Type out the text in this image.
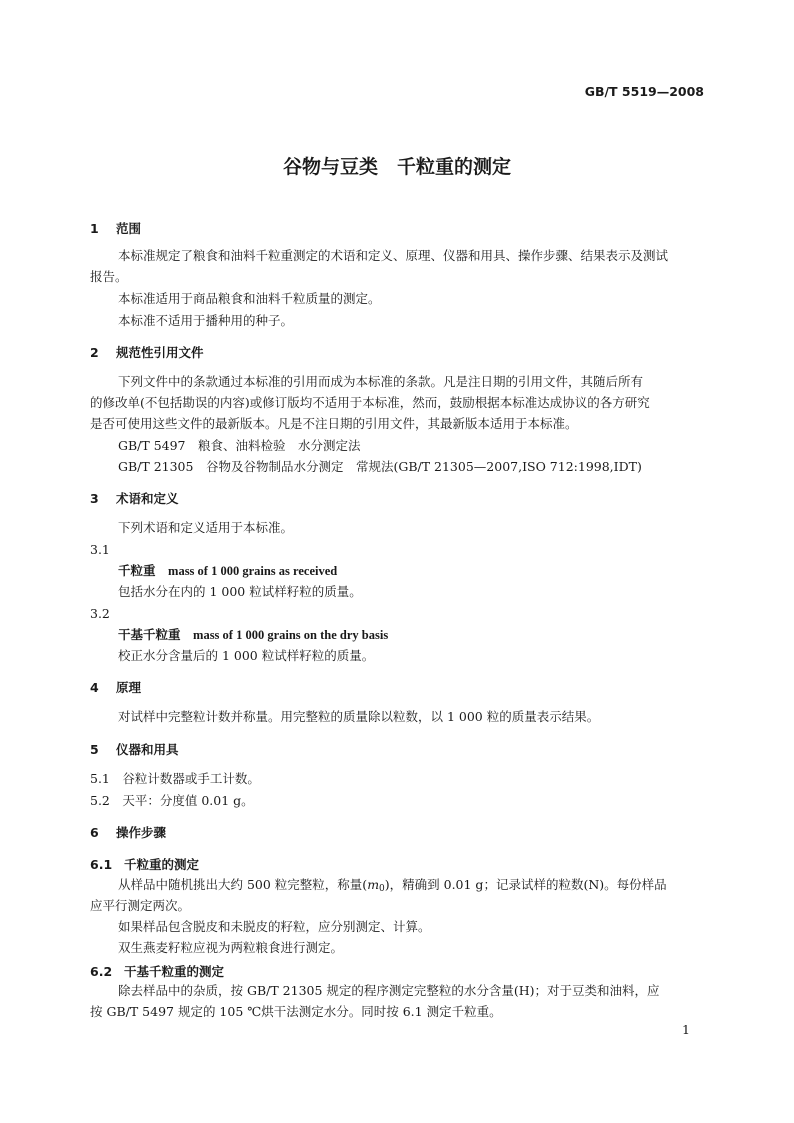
GB/T 5519—2008
谷物与豆类　千粒重的测定
1 范围
本标准规定了粮食和油料千粒重测定的术语和定义、原理、仪器和用具、操作步骤、结果表示及测试
报告。
本标准适用于商品粮食和油料千粒质量的测定。
本标准不适用于播种用的种子。
2 规范性引用文件
下列文件中的条款通过本标准的引用而成为本标准的条款。凡是注日期的引用文件，其随后所有
的修改单(不包括勘误的内容)或修订版均不适用于本标准，然而，鼓励根据本标准达成协议的各方研究
是否可使用这些文件的最新版本。凡是不注日期的引用文件，其最新版本适用于本标准。
GB/T 5497　粮食、油料检验　水分测定法
GB/T 21305　谷物及谷物制品水分测定　常规法(GB/T 21305—2007,ISO 712:1998,IDT)
3 术语和定义
下列术语和定义适用于本标准。
3.1
千粒重　 mass of 1 000 grains as received
包括水分在内的 1 000 粒试样籽粒的质量。
3.2
干基千粒重　 mass of 1 000 grains on the dry basis
校正水分含量后的 1 000 粒试样籽粒的质量。
4 原理
对试样中完整粒计数并称量。用完整粒的质量除以粒数，以 1 000 粒的质量表示结果。
5 仪器和用具
5.1　谷粒计数器或手工计数。
5.2　天平：分度值 0.01 g。
6 操作步骤
6.1 千粒重的测定
从样品中随机挑出大约 500 粒完整粒，称量$(m_0)$，精确到 0.01 g；记录试样的粒数(N)。每份样品
应平行测定两次。
如果样品包含脱皮和未脱皮的籽粒，应分别测定、计算。
双生燕麦籽粒应视为两粒粮食进行测定。
6.2 干基千粒重的测定
除去样品中的杂质，按 GB/T 21305 规定的程序测定完整粒的水分含量(H)；对于豆类和油料，应
按 GB/T 5497 规定的 105 ℃烘干法测定水分。同时按 6.1 测定千粒重。
1
